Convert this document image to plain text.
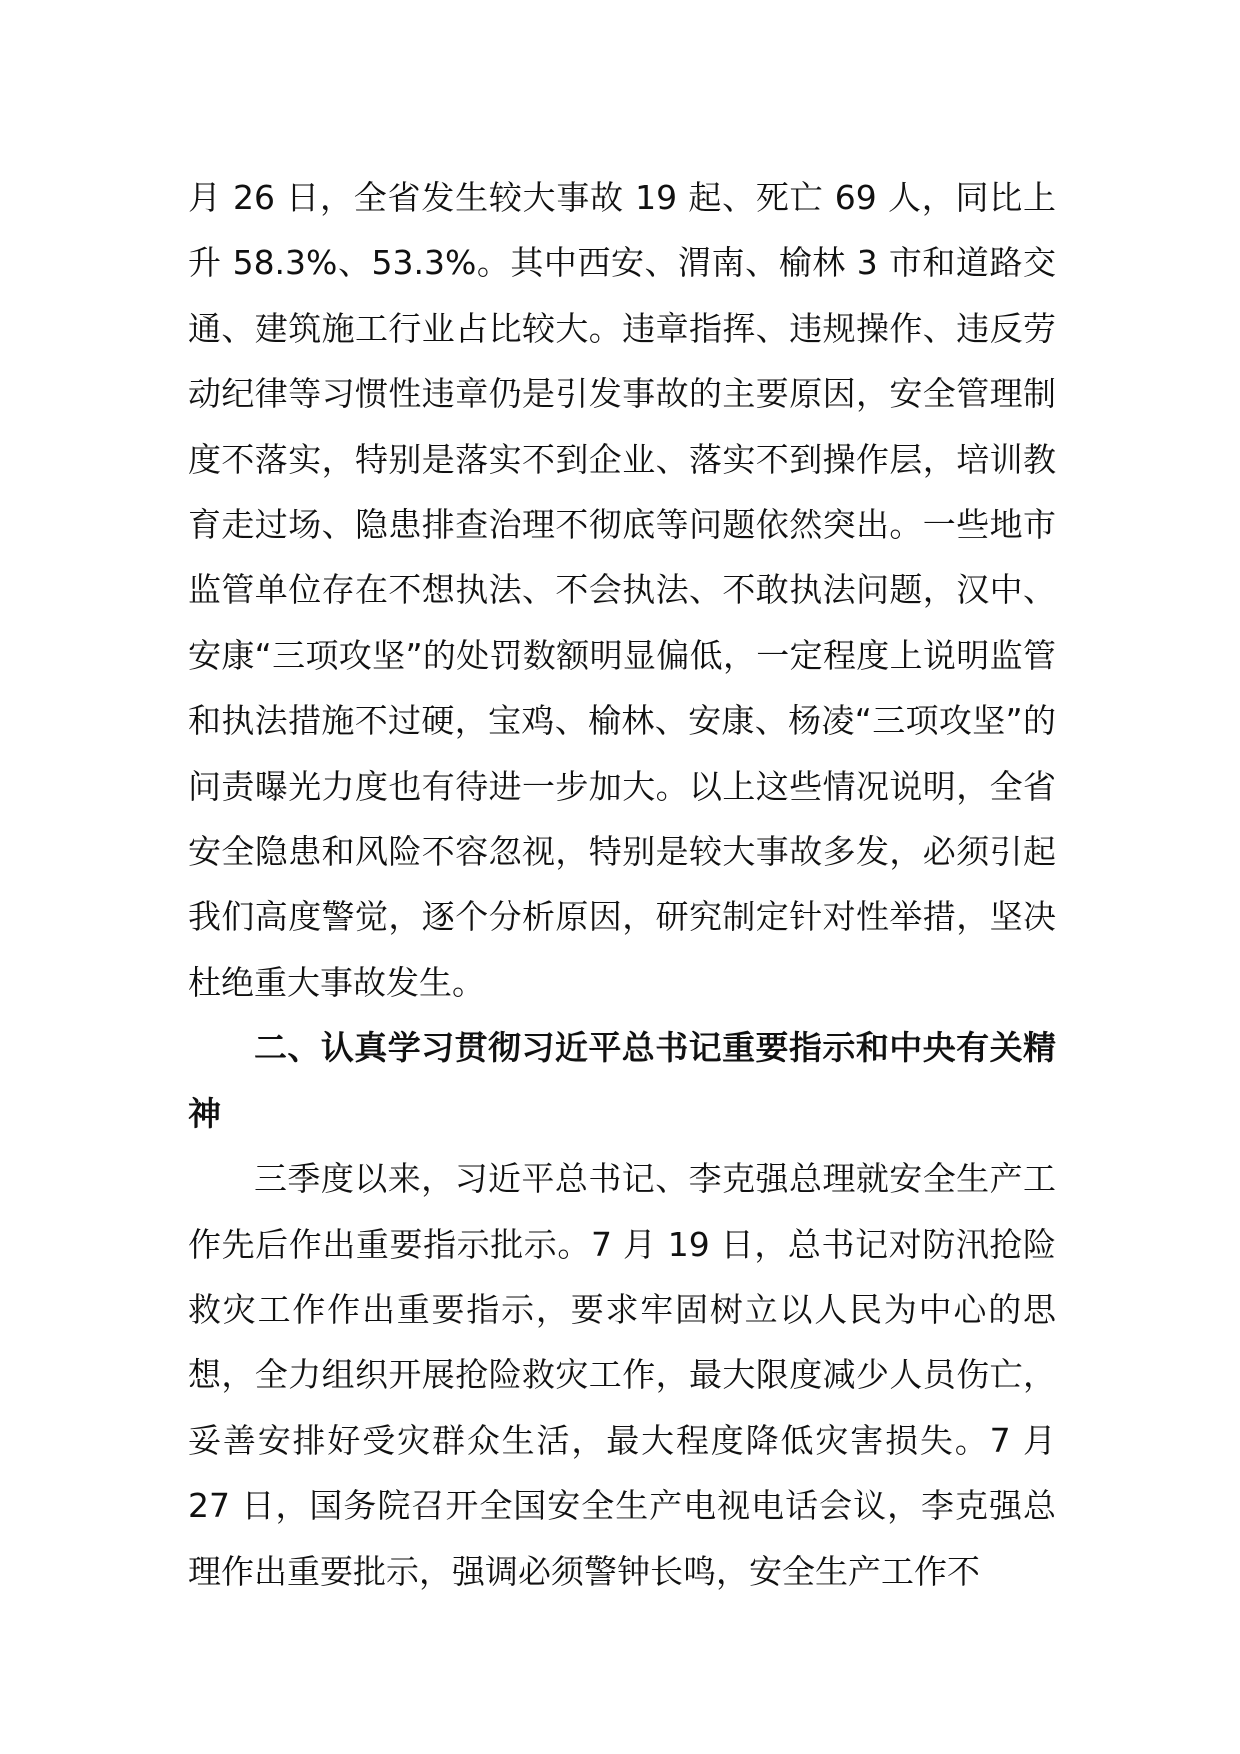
月 26 日，全省发生较大事故 19 起、死亡 69 人，同比上升 58.3%、53.3%。其中西安、渭南、榆林 3 市和道路交通、建筑施工行业占比较大。违章指挥、违规操作、违反劳动纪律等习惯性违章仍是引发事故的主要原因，安全管理制度不落实，特别是落实不到企业、落实不到操作层，培训教育走过场、隐患排查治理不彻底等问题依然突出。一些地市监管单位存在不想执法、不会执法、不敢执法问题，汉中、安康“三项攻坚”的处罚数额明显偏低，一定程度上说明监管和执法措施不过硬，宝鸡、榆林、安康、杨凌“三项攻坚”的问责曝光力度也有待进一步加大。以上这些情况说明，全省安全隐患和风险不容忽视，特别是较大事故多发，必须引起我们高度警觉，逐个分析原因，研究制定针对性举措，坚决杜绝重大事故发生。

二、认真学习贯彻习近平总书记重要指示和中央有关精神

三季度以来，习近平总书记、李克强总理就安全生产工作先后作出重要指示批示。7 月 19 日，总书记对防汛抢险救灾工作作出重要指示，要求牢固树立以人民为中心的思想，全力组织开展抢险救灾工作，最大限度减少人员伤亡，妥善安排好受灾群众生活，最大程度降低灾害损失。7 月 27 日，国务院召开全国安全生产电视电话会议，李克强总理作出重要批示，强调必须警钟长鸣，安全生产工作不
